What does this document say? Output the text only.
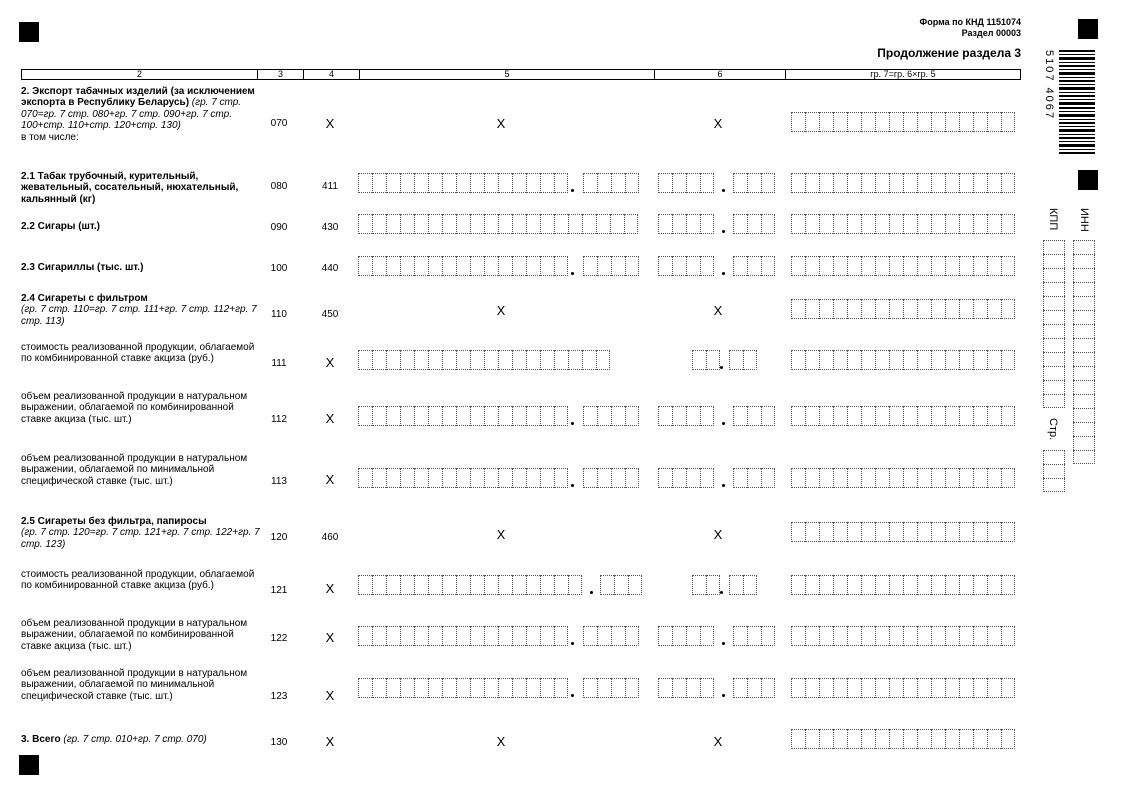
Форма по КНД 1151074
Раздел 00003
Продолжение раздела 3 5107 4067
2	3	4	5	6	гр. 7=гр. 6×гр. 5
ИНН
КПП
Стр.
2. Экспорт табачных изделий (за исключением экспорта в Республику Беларусь) (гр. 7 стр. 070=гр. 7 стр. 080+гр. 7 стр. 090+гр. 7 стр. 100+стр. 110+стр. 120+стр. 130)
в том числе:
070	X	X	X
2.1 Табак трубочный, курительный, жевательный, сосательный, нюхательный, кальянный (кг)
080	411
2.2 Сигары (шт.)	090	430
2.3 Сигариллы (тыс. шт.)	100	440
2.4 Сигареты с фильтром
(гр. 7 стр. 110=гр. 7 стр. 111+гр. 7 стр. 112+гр. 7 стр. 113)
110	450	X	X
стоимость реализованной продукции, облагаемой по комбинированной ставке акциза (руб.)	111	X
объем реализованной продукции в натуральном выражении, облагаемой по комбинированной ставке акциза (тыс. шт.)	112	X
объем реализованной продукции в натуральном выражении, облагаемой по минимальной специфической ставке (тыс. шт.)	113	X
2.5 Сигареты без фильтра, папиросы
(гр. 7 стр. 120=гр. 7 стр. 121+гр. 7 стр. 122+гр. 7 стр. 123)
120	460	X	X
стоимость реализованной продукции, облагаемой по комбинированной ставке акциза (руб.)	121	X
объем реализованной продукции в натуральном выражении, облагаемой по комбинированной ставке акциза (тыс. шт.)
122	X
объем реализованной продукции в натуральном выражении, облагаемой по минимальной специфической ставке (тыс. шт.)	123	X
3. Всего (гр. 7 стр. 010+гр. 7 стр. 070)	130	X	X	X
